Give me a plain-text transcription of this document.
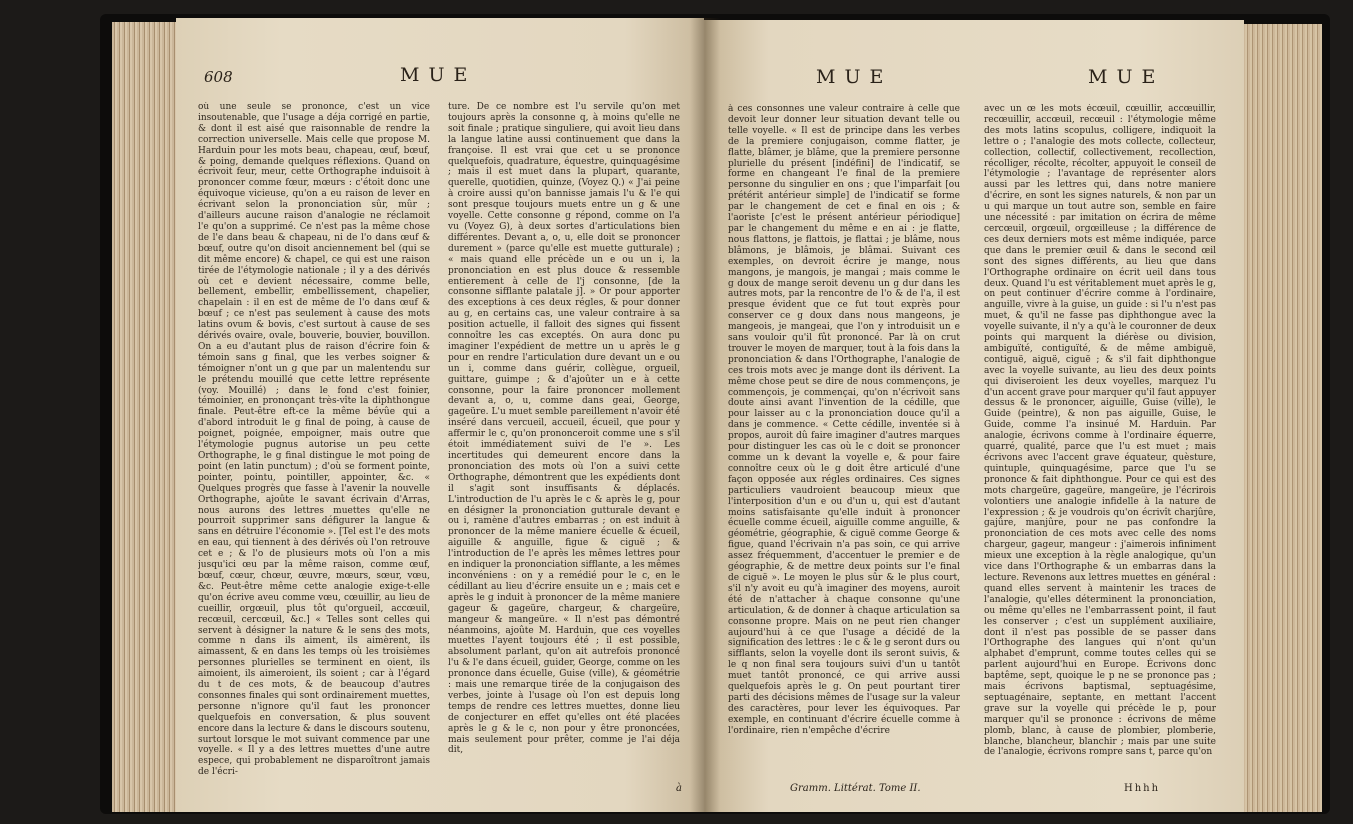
608	MUE

où une seule se prononce, c'est un vice insoutenable, que l'usage a déja corrigé en partie, & dont il est aisé que raisonnable de rendre la correction universelle. Mais celle que propose M. Harduin pour les mots beau, chapeau, œuf, bœuf, & poing, demande quelques réflexions. Quand on écrivoit feur, meur, cette Orthographe induisoit à prononcer comme fœur, mœurs : c'étoit donc une équivoque vicieuse, qu'on a eu raison de lever en écrivant selon la prononciation sûr, mûr ; d'ailleurs aucune raison d'analogie ne réclamoit l'e qu'on a supprimé. Ce n'est pas la même chose de l'e dans beau & chapeau, ni de l'o dans œuf & bœuf, outre qu'on disoit anciennement bel (qui se dit même encore) & chapel, ce qui est une raison tirée de l'étymologie nationale ; il y a des dérivés où cet e devient nécessaire, comme belle, bellement, embellir, embellissement, chapelier, chapelain : il en est de même de l'o dans œuf & bœuf ; ce n'est pas seulement à cause des mots latins ovum & bovis, c'est surtout à cause de ses dérivés ovaire, ovale, bouverie, bouvier, bouvillon. On a eu d'autant plus de raison d'écrire foin & témoin sans g final, que les verbes soigner & témoigner n'ont un g que par un malentendu sur le prétendu mouillé que cette lettre représente (voy. Mouillé) ; dans le fond c'est foinier, témoinier, en prononçant très-vîte la diphthongue finale. Peut-être eft-ce la même bévûe qui a d'abord introduit le g final de poing, à cause de poignet, poignée, empoigner, mais outre que l'étymologie pugnus autorise un peu cette Orthographe, le g final distingue le mot poing de point (en latin punctum) ; d'où se forment pointe, pointer, pointu, pointiller, appointer, &c. « Quelques progrès que fasse à l'avenir la nouvelle Orthographe, ajoûte le savant écrivain d'Arras, nous aurons des lettres muettes qu'elle ne pourroit supprimer sans défigurer la langue & sans en détruire l'économie ». [Tel est l'e des mots en eau, qui tiennent à des dérivés où l'on retrouve cet e ; & l'o de plusieurs mots où l'on a mis jusqu'ici œu par la même raison, comme œuf, bœuf, cœur, chœur, œuvre, mœurs, sœur, vœu, &c. Peut-être même cette analogie exige-t-elle qu'on écrive aveu comme vœu, cœuillir, au lieu de cueillir, orgœuil, plus tôt qu'orgueil, accœuil, recœuil, cercœuil, &c.] « Telles sont celles qui servent à désigner la nature & le sens des mots, comme n dans ils aiment, ils aimèrent, ils aimassent, & en dans les temps où les troisièmes personnes plurielles se terminent en oient, ils aimoient, ils aimeroient, ils soient ; car à l'égard du t de ces mots, & de beaucoup d'autres consonnes finales qui sont ordinairement muettes, personne n'ignore qu'il faut les prononcer quelquefois en conversation, & plus souvent encore dans la lecture & dans le discours soutenu, surtout lorsque le mot suivant commence par une voyelle. « Il y a des lettres muettes d'une autre espece, qui probablement ne disparoîtront jamais de l'écri-

ture. De ce nombre est l'u servile qu'on met toujours après la consonne q, à moins qu'elle ne soit finale ; pratique singuliere, qui avoit lieu dans la langue latine aussi continuement que dans la françoise. Il est vrai que cet u se prononce quelquefois, quadrature, équestre, quinquagésime ; mais il est muet dans la plupart, quarante, querelle, quotidien, quinze, (Voyez Q.) « J'ai peine à croire aussi qu'on bannisse jamais l'u & l'e qui sont presque toujours muets entre un g & une voyelle. Cette consonne g répond, comme on l'a vu (Voyez G), à deux sortes d'articulations bien différentes. Devant a, o, u, elle doit se prononcer durement » (parce qu'elle est muette gutturale) ; « mais quand elle précède un e ou un i, la prononciation en est plus douce & ressemble entierement à celle de l'j consonne, [de la consonne sifflante palatale j]. » Or pour apporter des exceptions à ces deux régles, & pour donner au g, en certains cas, une valeur contraire à sa position actuelle, il falloit des signes qui fissent connoître les cas exceptés. On aura donc pu imaginer l'expédient de mettre un u après le g pour en rendre l'articulation dure devant un e ou un i, comme dans guérir, collègue, orgueil, guittare, guimpe ; & d'ajoûter un e à cette consonne, pour la faire prononcer mollement devant a, o, u, comme dans geai, George, gageüre. L'u muet semble pareillement n'avoir été inséré dans vercueil, accueil, écueil, que pour y affermir le c, qu'on prononceroit comme une s s'il étoit immédiatement suivi de l'e ». Les incertitudes qui demeurent encore dans la prononciation des mots où l'on a suivi cette Orthographe, démontrent que les expédients dont il s'agit sont insuffisants & déplacés. L'introduction de l'u après le c & après le g, pour en désigner la prononciation gutturale devant e ou i, ramène d'autres embarras ; on est induit à prononcer de la même maniere écuelle & écueil, aiguille & anguille, figue & ciguë ; & l'introduction de l'e après les mêmes lettres pour en indiquer la prononciation sifflante, a les mêmes inconvéniens : on y a remédié pour le c, en le cédillant au lieu d'écrire ensuite un e ; mais cet e après le g induit à prononcer de la même maniere gageur & gageüre, chargeur, & chargeüre, mangeur & mangeüre. « Il n'est pas démontré néanmoins, ajoûte M. Harduin, que ces voyelles muettes l'ayent toujours été ; il est possible, absolument parlant, qu'on ait autrefois prononcé l'u & l'e dans écueil, guider, George, comme on les prononce dans écuelle, Guise (ville), & géométrie : mais une remarque tirée de la conjugaison des verbes, jointe à l'usage où l'on est depuis long temps de rendre ces lettres muettes, donne lieu de conjecturer en effet qu'elles ont été placées après le g & le c, non pour y être prononcées, mais seulement pour prêter, comme je l'ai déja dit,

à
MUE	MUE

à ces consonnes une valeur contraire à celle que devoit leur donner leur situation devant telle ou telle voyelle. « Il est de principe dans les verbes de la premiere conjugaison, comme flatter, je flatte, blâmer, je blâme, que la premiere personne plurielle du présent [indéfini] de l'indicatif, se forme en changeant l'e final de la premiere personne du singulier en ons ; que l'imparfait [ou prétérit antérieur simple] de l'indicatif se forme par le changement de cet e final en ois ; & l'aoriste [c'est le présent antérieur périodique] par le changement du même e en ai : je flatte, nous flattons, je flattois, je flattai ; je blâme, nous blâmons, je blâmois, je blâmai. Suivant ces exemples, on devroit écrire je mange, nous mangons, je mangois, je mangai ; mais comme le g doux de mange seroit devenu un g dur dans les autres mots, par la rencontre de l'o & de l'a, il est presque évident que ce fut tout exprès pour conserver ce g doux dans nous mangeons, je mangeois, je mangeai, que l'on y introduisit un e sans vouloir qu'il fût prononcé. Par là on crut trouver le moyen de marquer, tout à la fois dans la prononciation & dans l'Orthographe, l'analogie de ces trois mots avec je mange dont ils dérivent. La même chose peut se dire de nous commençons, je commençois, je commençai, qu'on n'écrivoit sans doute ainsi avant l'invention de la cédille, que pour laisser au c la prononciation douce qu'il a dans je commence. « Cette cédille, inventée si à propos, auroit dû faire imaginer d'autres marques pour distinguer les cas où le c doit se prononcer comme un k devant la voyelle e, & pour faire connoître ceux où le g doit être articulé d'une façon opposée aux régles ordinaires. Ces signes particuliers vaudroient beaucoup mieux que l'interposition d'un e ou d'un u, qui est d'autant moins satisfaisante qu'elle induit à prononcer écuelle comme écueil, aiguille comme anguille, & géométrie, géographie, & ciguë comme George & figue, quand l'écrivain n'a pas soin, ce qui arrive assez fréquemment, d'accentuer le premier e de géographie, & de mettre deux points sur l'e final de ciguë ». Le moyen le plus sûr & le plus court, s'il n'y avoit eu qu'à imaginer des moyens, auroit été de n'attacher à chaque consonne qu'une articulation, & de donner à chaque articulation sa consonne propre. Mais on ne peut rien changer aujourd'hui à ce que l'usage a décidé de la signification des lettres : le c & le g seront durs ou sifflants, selon la voyelle dont ils seront suivis, & le q non final sera toujours suivi d'un u tantôt muet tantôt prononcé, ce qui arrive aussi quelquefois après le g. On peut pourtant tirer parti des décisions mêmes de l'usage sur la valeur des caractères, pour lever les équivoques. Par exemple, en continuant d'écrire écuelle comme à l'ordinaire, rien n'empêche d'écrire

avec un œ les mots écœuil, cœuillir, accœuillir, recœuillir, accœuil, recœuil : l'étymologie même des mots latins scopulus, colligere, indiquoit la lettre o ; l'analogie des mots collecte, collecteur, collection, collectif, collectivement, recollection, récolliger, récolte, récolter, appuyoit le conseil de l'étymologie ; l'avantage de représenter alors aussi par les lettres qui, dans notre maniere d'écrire, en sont les signes naturels, & non par un u qui marque un tout autre son, semble en faire une nécessité : par imitation on écrira de même cercœuil, orgœuil, orgœilleuse ; la différence de ces deux derniers mots est même indiquée, parce que dans le premier œuil & dans le second œil sont des signes différents, au lieu que dans l'Orthographe ordinaire on écrit ueil dans tous deux. Quand l'u est véritablement muet après le g, on peut continuer d'écrire comme à l'ordinaire, anguille, vivre à la guise, un guide : si l'u n'est pas muet, & qu'il ne fasse pas diphthongue avec la voyelle suivante, il n'y a qu'à le couronner de deux points qui marquent la diérèse ou division, ambiguïté, contiguïté, & de même ambiguë, contiguë, aiguë, ciguë ; & s'il fait diphthongue avec la voyelle suivante, au lieu des deux points qui diviseroient les deux voyelles, marquez l'u d'un accent grave pour marquer qu'il faut appuyer dessus & le prononcer, aiguille, Guise (ville), le Guide (peintre), & non pas aiguille, Guise, le Guide, comme l'a insinué M. Harduin. Par analogie, écrivons comme à l'ordinaire équerre, quarré, qualité, parce que l'u est muet ; mais écrivons avec l'accent grave équateur, quèsture, quintuple, quinquagésime, parce que l'u se prononce & fait diphthongue. Pour ce qui est des mots chargeüre, gageüre, mangeüre, je l'écrirois volontiers une analogie infidelle à la nature de l'expression ; & je voudrois qu'on écrivît charjûre, gajûre, manjûre, pour ne pas confondre la prononciation de ces mots avec celle des noms chargeur, gageur, mangeur : j'aimerois infiniment mieux une exception à la règle analogique, qu'un vice dans l'Orthographe & un embarras dans la lecture. Revenons aux lettres muettes en général : quand elles servent à maintenir les traces de l'analogie, qu'elles déterminent la prononciation, ou même qu'elles ne l'embarrassent point, il faut les conserver ; c'est un supplément auxiliaire, dont il n'est pas possible de se passer dans l'Orthographe des langues qui n'ont qu'un alphabet d'emprunt, comme toutes celles qui se parlent aujourd'hui en Europe. Écrivons donc baptême, sept, quoique le p ne se prononce pas ; mais écrivons baptismal, septuagésime, septuagénaire, septante, en mettant l'accent grave sur la voyelle qui précède le p, pour marquer qu'il se prononce : écrivons de même plomb, blanc, à cause de plombier, plomberie, blanche, blancheur, blanchir ; mais par une suite de l'analogie, écrivons rompre sans t, parce qu'on

Gramm. Littérat. Tome II.	Hhhh
